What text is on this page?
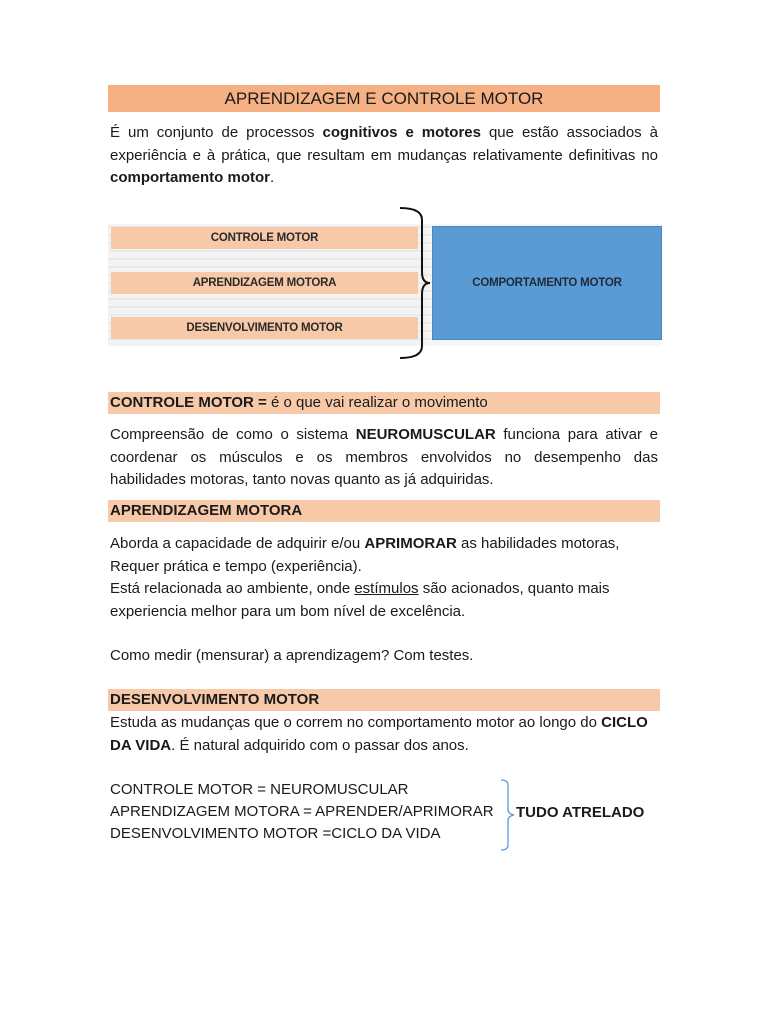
APRENDIZAGEM E CONTROLE MOTOR

É um conjunto de processos cognitivos e motores que estão associados à experiência e à prática, que resultam em mudanças relativamente definitivas no comportamento motor.

CONTROLE MOTOR
APRENDIZAGEM MOTORA
DESENVOLVIMENTO MOTOR
COMPORTAMENTO MOTOR
CONTROLE MOTOR = é o que vai realizar o movimento

Compreensão de como o sistema NEUROMUSCULAR funciona para ativar e coordenar os músculos e os membros envolvidos no desempenho das habilidades motoras, tanto novas quanto as já adquiridas.

APRENDIZAGEM MOTORA

Aborda a capacidade de adquirir e/ou APRIMORAR as habilidades motoras,
Requer prática e tempo (experiência).
Está relacionada ao ambiente, onde estímulos são acionados, quanto mais experiencia melhor para um bom nível de excelência.

Como medir (mensurar) a aprendizagem? Com testes.

DESENVOLVIMENTO MOTOR

Estuda as mudanças que o correm no comportamento motor ao longo do CICLO DA VIDA. É natural adquirido com o passar dos anos.

CONTROLE MOTOR = NEUROMUSCULAR
APRENDIZAGEM MOTORA = APRENDER/APRIMORAR
DESENVOLVIMENTO MOTOR =CICLO DA VIDA
TUDO ATRELADO
